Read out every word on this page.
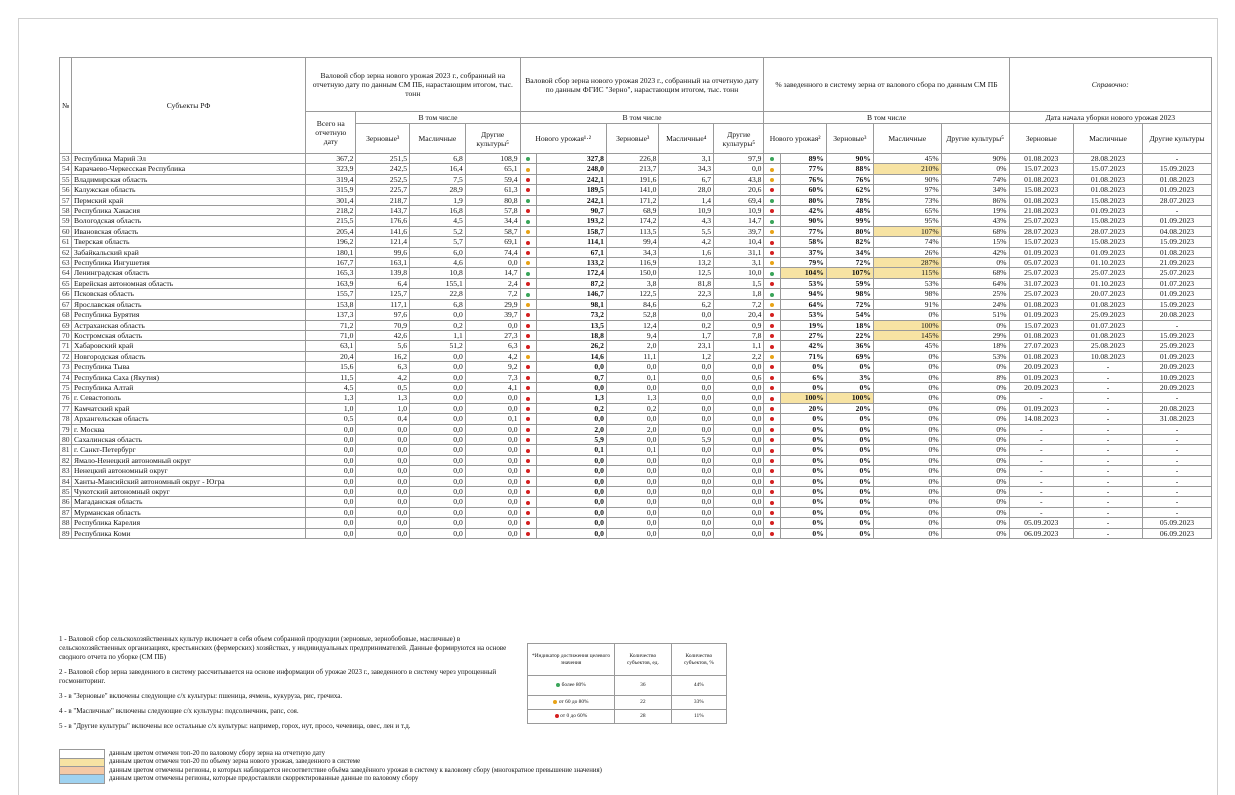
№	Субъекты РФ	Валовой сбор зерна нового урожая 2023 г., собранный на отчетную дату по данным СМ ПБ, нарастающим итогом, тыс. тонн				Валовой сбор зерна нового урожая 2023 г., собранный на отчетную дату по данным ФГИС "Зерно", нарастающим итогом, тыс. тонн					% заведенного в систему зерна от валового сбора по данным СМ ПБ					Справочно:		
		Всего на отчетную дату	В том числе			В том числе					В том числе					Дата начала уборки нового урожая 2023		
			Зерновые³	Масличные	Другие культуры⁵	Нового урожая¹·²		Зерновые³	Масличные⁴	Другие культуры⁵	Нового урожая²		Зерновые³	Масличные	Другие культуры⁵	Зерновые	Масличные	Другие культуры
53	Республика Марий Эл	367,2	251,5	6,8	108,9		327,8	226,8	3,1	97,9		89%	90%	45%	90%	01.08.2023	28.08.2023	-
54	Карачаево-Черкесская Республика	323,9	242,5	16,4	65,1		248,0	213,7	34,3	0,0		77%	88%	210%	0%	15.07.2023	15.07.2023	15.09.2023
55	Владимирская область	319,4	252,5	7,5	59,4		242,1	191,6	6,7	43,8		76%	76%	90%	74%	01.08.2023	01.08.2023	01.08.2023
56	Калужская область	315,9	225,7	28,9	61,3		189,5	141,0	28,0	20,6		60%	62%	97%	34%	15.08.2023	01.08.2023	01.09.2023
57	Пермский край	301,4	218,7	1,9	80,8		242,1	171,2	1,4	69,4		80%	78%	73%	86%	01.08.2023	15.08.2023	28.07.2023
58	Республика Хакасия	218,2	143,7	16,8	57,8		90,7	68,9	10,9	10,9		42%	48%	65%	19%	21.08.2023	01.09.2023	-
59	Вологодская область	215,5	176,6	4,5	34,4		193,2	174,2	4,3	14,7		90%	99%	95%	43%	25.07.2023	15.08.2023	01.09.2023
60	Ивановская область	205,4	141,6	5,2	58,7		158,7	113,5	5,5	39,7		77%	80%	107%	68%	28.07.2023	28.07.2023	04.08.2023
61	Тверская область	196,2	121,4	5,7	69,1		114,1	99,4	4,2	10,4		58%	82%	74%	15%	15.07.2023	15.08.2023	15.09.2023
62	Забайкальский край	180,1	99,6	6,0	74,4		67,1	34,3	1,6	31,1		37%	34%	26%	42%	01.09.2023	01.09.2023	01.08.2023
63	Республика Ингушетия	167,7	163,1	4,6	0,0		133,2	116,9	13,2	3,1		79%	72%	287%	0%	05.07.2023	01.10.2023	21.09.2023
64	Ленинградская область	165,3	139,8	10,8	14,7		172,4	150,0	12,5	10,0		104%	107%	115%	68%	25.07.2023	25.07.2023	25.07.2023
65	Еврейская автономная область	163,9	6,4	155,1	2,4		87,2	3,8	81,8	1,5		53%	59%	53%	64%	31.07.2023	01.10.2023	01.07.2023
66	Псковская область	155,7	125,7	22,8	7,2		146,7	122,5	22,3	1,8		94%	98%	98%	25%	25.07.2023	20.07.2023	01.09.2023
67	Ярославская область	153,8	117,1	6,8	29,9		98,1	84,6	6,2	7,2		64%	72%	91%	24%	01.08.2023	01.08.2023	15.09.2023
68	Республика Бурятия	137,3	97,6	0,0	39,7		73,2	52,8	0,0	20,4		53%	54%	0%	51%	01.09.2023	25.09.2023	20.08.2023
69	Астраханская область	71,2	70,9	0,2	0,0		13,5	12,4	0,2	0,9		19%	18%	100%	0%	15.07.2023	01.07.2023	-
70	Костромская область	71,0	42,6	1,1	27,3		18,8	9,4	1,7	7,8		27%	22%	145%	29%	01.08.2023	01.08.2023	15.09.2023
71	Хабаровский край	63,1	5,6	51,2	6,3		26,2	2,0	23,1	1,1		42%	36%	45%	18%	27.07.2023	25.08.2023	25.09.2023
72	Новгородская область	20,4	16,2	0,0	4,2		14,6	11,1	1,2	2,2		71%	69%	0%	53%	01.08.2023	10.08.2023	01.09.2023
73	Республика Тыва	15,6	6,3	0,0	9,2		0,0	0,0	0,0	0,0		0%	0%	0%	0%	20.09.2023	-	20.09.2023
74	Республика Саха (Якутия)	11,5	4,2	0,0	7,3		0,7	0,1	0,0	0,6		6%	3%	0%	8%	01.09.2023	-	10.09.2023
75	Республика Алтай	4,5	0,5	0,0	4,1		0,0	0,0	0,0	0,0		0%	0%	0%	0%	20.09.2023	-	20.09.2023
76	г. Севастополь	1,3	1,3	0,0	0,0		1,3	1,3	0,0	0,0		100%	100%	0%	0%	-	-	-
77	Камчатский край	1,0	1,0	0,0	0,0		0,2	0,2	0,0	0,0		20%	20%	0%	0%	01.09.2023	-	20.08.2023
78	Архангельская область	0,5	0,4	0,0	0,1		0,0	0,0	0,0	0,0		0%	0%	0%	0%	14.08.2023	-	31.08.2023
79	г. Москва	0,0	0,0	0,0	0,0		2,0	2,0	0,0	0,0		0%	0%	0%	0%	-	-	-
80	Сахалинская область	0,0	0,0	0,0	0,0		5,9	0,0	5,9	0,0		0%	0%	0%	0%	-	-	-
81	г. Санкт-Петербург	0,0	0,0	0,0	0,0		0,1	0,1	0,0	0,0		0%	0%	0%	0%	-	-	-
82	Ямало-Ненецкий автономный округ	0,0	0,0	0,0	0,0		0,0	0,0	0,0	0,0		0%	0%	0%	0%	-	-	-
83	Ненецкий автономный округ	0,0	0,0	0,0	0,0		0,0	0,0	0,0	0,0		0%	0%	0%	0%	-	-	-
84	Ханты-Мансийский автономный округ - Югра	0,0	0,0	0,0	0,0		0,0	0,0	0,0	0,0		0%	0%	0%	0%	-	-	-
85	Чукотский автономный округ	0,0	0,0	0,0	0,0		0,0	0,0	0,0	0,0		0%	0%	0%	0%	-	-	-
86	Магаданская область	0,0	0,0	0,0	0,0		0,0	0,0	0,0	0,0		0%	0%	0%	0%	-	-	-
87	Мурманская область	0,0	0,0	0,0	0,0		0,0	0,0	0,0	0,0		0%	0%	0%	0%	-	-	-
88	Республика Карелия	0,0	0,0	0,0	0,0		0,0	0,0	0,0	0,0		0%	0%	0%	0%	05.09.2023	-	05.09.2023
89	Республика Коми	0,0	0,0	0,0	0,0		0,0	0,0	0,0	0,0		0%	0%	0%	0%	06.09.2023	-	06.09.2023

1 - Валовой сбор сельскохозяйственных культур включает в себя объем собранной продукции (зерновые, зернобобовые, масличные) в сельскохозяйственных организациях, крестьянских (фермерских) хозяйствах, у индивидуальных предпринимателей. Данные формируются на основе сводного отчета по уборке (СМ ПБ)

2 - Валовой сбор зерна заведенного в систему рассчитывается на основе информации об урожае 2023 г., заведенного в систему через упрощенный госмониторинг.

3 - в "Зерновые" включены следующие с/х культуры: пшеница, ячмень, кукуруза, рис, гречиха.

4 - в "Масличные" включены следующие с/х культуры: подсолнечник, рапс, соя.

5 - в "Другие культуры" включены все остальные с/х культуры: например, горох, нут, просо, чечевица, овес, лен и т.д.

*Индикатор достижения целевого значения	Количество субъектов, ед.	Количество субъектов, %
более 80%	36	44%
от 60 до 80%	22	33%
от 0 до 60%	28	11%
данным цветом отмечен топ-20 по валовому сбору зерна на отчетную дату
данным цветом отмечен топ-20 по объему зерна нового урожая, заведенного в системе
данным цветом отмечены регионы, в которых наблюдается несоответствие объёма заведённого урожая в систему к валовому сбору (многократное превышение значения)
данным цветом отмечены регионы, которые предоставляли скорректированные данные по валовому сбору
